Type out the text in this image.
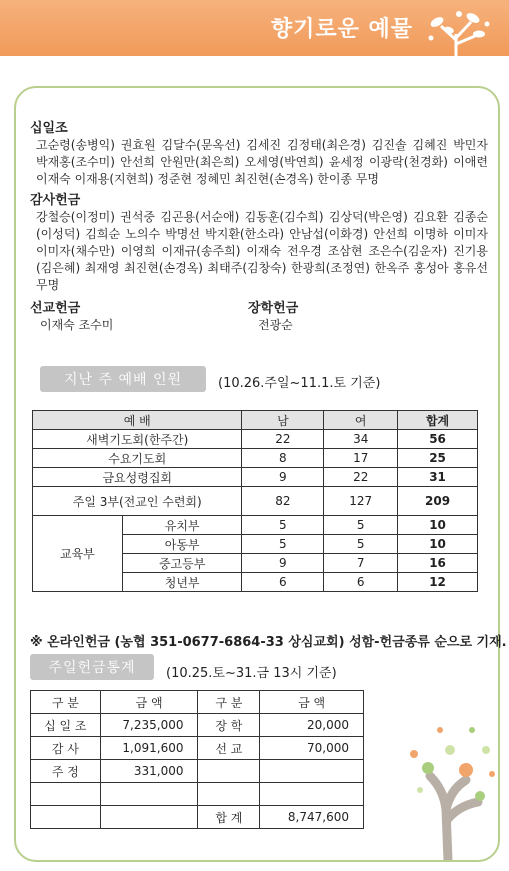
향기로운 예물
십일조
고순령(송병익) 권효원 김달수(문옥선) 김세진 김정태(최은경) 김진솔 김혜진 박민자 박재홍(조수미) 안선희 안원만(최은희) 오세영(박연희) 윤세정 이광락(천경화) 이애련 이재숙 이재용(지현희) 정준현 정혜민 최진현(손경옥) 한이종 무명
감사헌금
강철승(이정미) 권석중 김곤용(서순애) 김동훈(김수희) 김상덕(박은영) 김요환 김종순(이성덕) 김희순 노의수 박명선 박지환(한소라) 안남섭(이화경) 안선희 이명하 이미자 이미자(채수만) 이영희 이재규(송주희) 이재숙 전우경 조삼현 조은수(김운자) 진기용(김은혜) 최재영 최진현(손경옥) 최태주(김창숙) 한광희(조정연) 한옥주 홍성아 홍유선 무명
선교헌금
이재숙 조수미
장학헌금
전광순
지난 주 예배 인원	(10.26.주일~11.1.토 기준)
예 배		남	여	합계
새벽기도회(한주간)		22	34	56
수요기도회		8	17	25
금요성령집회		9	22	31
주일 3부(전교인 수련회)		82	127	209
교육부	유치부	5	5	10
	아동부	5	5	10
	중고등부	9	7	16
	청년부	6	6	12
※ 온라인헌금 (농협 351-0677-6864-33 상심교회) 성함-헌금종류 순으로 기재.
주일헌금통계	(10.25.토~31.금 13시 기준)
구 분	금 액	구 분	금 액
십 일 조	7,235,000	장 학	20,000
감 사	1,091,600	선 교	70,000
주 정	331,000		

		합 계	8,747,600
